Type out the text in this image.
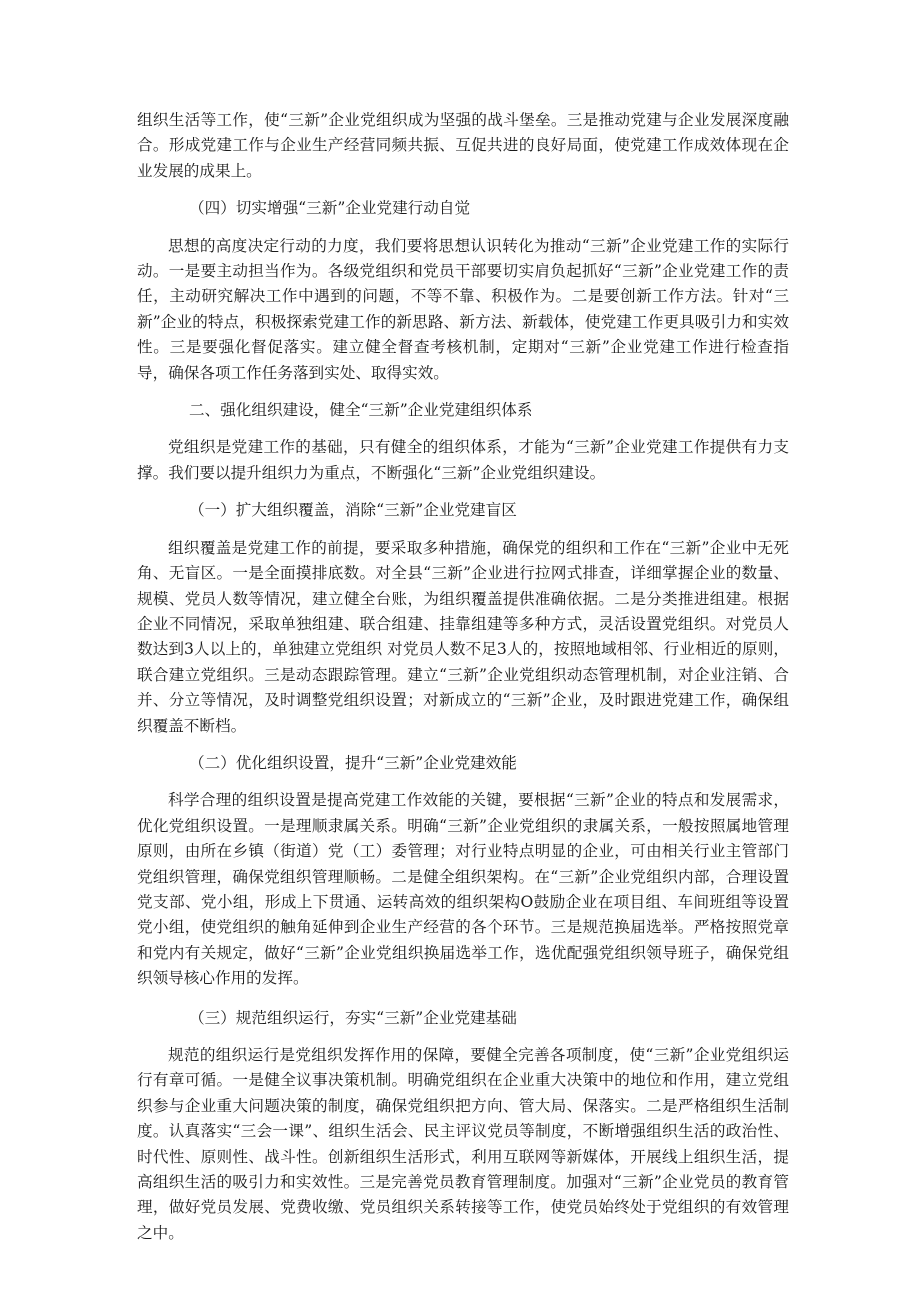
组织生活等工作，使“三新”企业党组织成为坚强的战斗堡垒。三是推动党建与企业发展深度融合。形成党建工作与企业生产经营同频共振、互促共进的良好局面，使党建工作成效体现在企业发展的成果上。

（四）切实增强“三新”企业党建行动自觉

思想的高度决定行动的力度，我们要将思想认识转化为推动“三新”企业党建工作的实际行动。一是要主动担当作为。各级党组织和党员干部要切实肩负起抓好“三新”企业党建工作的责任，主动研究解决工作中遇到的问题，不等不靠、积极作为。二是要创新工作方法。针对“三新”企业的特点，积极探索党建工作的新思路、新方法、新载体，使党建工作更具吸引力和实效性。三是要强化督促落实。建立健全督查考核机制，定期对“三新”企业党建工作进行检查指导，确保各项工作任务落到实处、取得实效。

二、强化组织建设，健全“三新”企业党建组织体系

党组织是党建工作的基础，只有健全的组织体系，才能为“三新”企业党建工作提供有力支撑。我们要以提升组织力为重点，不断强化“三新”企业党组织建设。

（一）扩大组织覆盖，消除“三新”企业党建盲区

组织覆盖是党建工作的前提，要采取多种措施，确保党的组织和工作在“三新”企业中无死角、无盲区。一是全面摸排底数。对全县“三新”企业进行拉网式排查，详细掌握企业的数量、规模、党员人数等情况，建立健全台账，为组织覆盖提供准确依据。二是分类推进组建。根据企业不同情况，采取单独组建、联合组建、挂靠组建等多种方式，灵活设置党组织。对党员人数达到3人以上的，单独建立党组织 对党员人数不足3人的，按照地域相邻、行业相近的原则，联合建立党组织。三是动态跟踪管理。建立“三新”企业党组织动态管理机制，对企业注销、合并、分立等情况，及时调整党组织设置；对新成立的“三新”企业，及时跟进党建工作，确保组织覆盖不断档。

（二）优化组织设置，提升“三新”企业党建效能

科学合理的组织设置是提高党建工作效能的关键，要根据“三新”企业的特点和发展需求，优化党组织设置。一是理顺隶属关系。明确“三新”企业党组织的隶属关系，一般按照属地管理原则，由所在乡镇（街道）党（工）委管理；对行业特点明显的企业，可由相关行业主管部门党组织管理，确保党组织管理顺畅。二是健全组织架构。在“三新”企业党组织内部，合理设置党支部、党小组，形成上下贯通、运转高效的组织架构O鼓励企业在项目组、车间班组等设置党小组，使党组织的触角延伸到企业生产经营的各个环节。三是规范换届选举。严格按照党章和党内有关规定，做好“三新”企业党组织换届选举工作，选优配强党组织领导班子，确保党组织领导核心作用的发挥。

（三）规范组织运行，夯实“三新”企业党建基础

规范的组织运行是党组织发挥作用的保障，要健全完善各项制度，使“三新”企业党组织运行有章可循。一是健全议事决策机制。明确党组织在企业重大决策中的地位和作用，建立党组织参与企业重大问题决策的制度，确保党组织把方向、管大局、保落实。二是严格组织生活制度。认真落实“三会一课”、组织生活会、民主评议党员等制度，不断增强组织生活的政治性、时代性、原则性、战斗性。创新组织生活形式，利用互联网等新媒体，开展线上组织生活，提高组织生活的吸引力和实效性。三是完善党员教育管理制度。加强对“三新”企业党员的教育管理，做好党员发展、党费收缴、党员组织关系转接等工作，使党员始终处于党组织的有效管理之中。
